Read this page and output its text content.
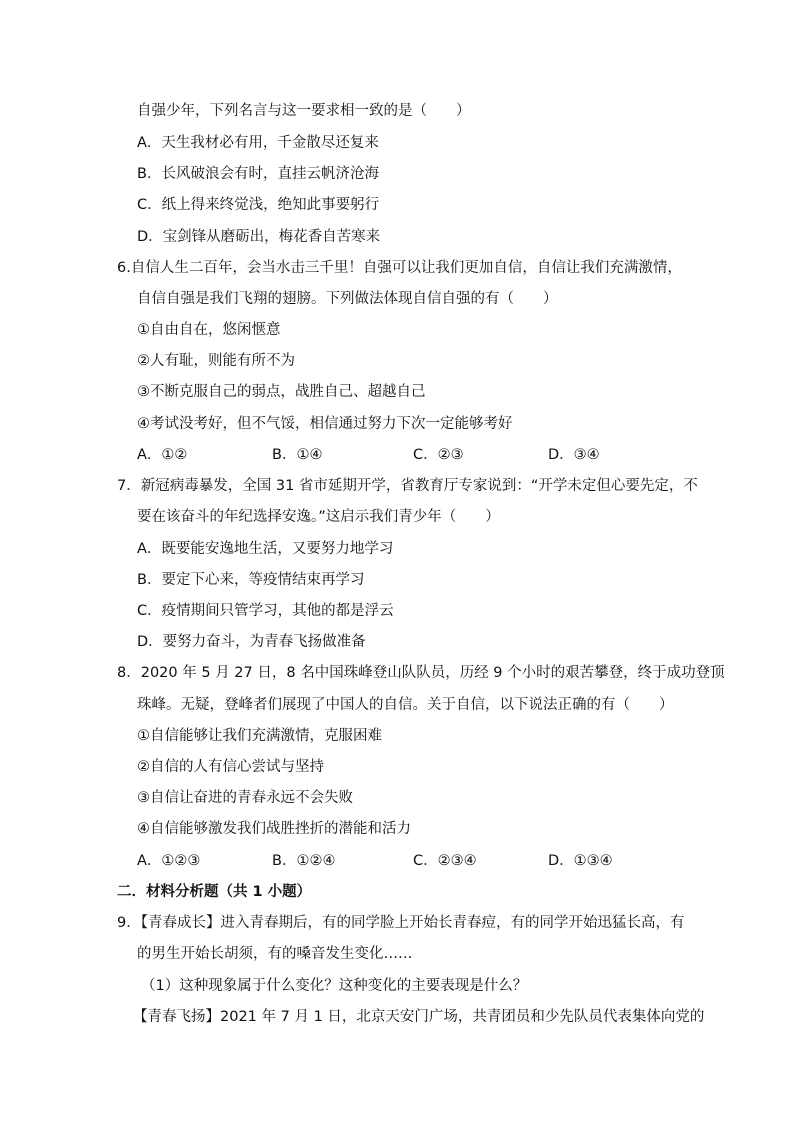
自强少年，下列名言与这一要求相一致的是（　　）
A．天生我材必有用，千金散尽还复来
B．长风破浪会有时，直挂云帆济沧海
C．纸上得来终觉浅，绝知此事要躬行
D．宝剑锋从磨砺出，梅花香自苦寒来
6.自信人生二百年，会当水击三千里！自强可以让我们更加自信，自信让我们充满激情，
自信自强是我们飞翔的翅膀。下列做法体现自信自强的有（　　）
①自由自在，悠闲惬意
②人有耻，则能有所不为
③不断克服自己的弱点，战胜自己、超越自己
④考试没考好，但不气馁，相信通过努力下次一定能够考好
A．①②	B．①④	C．②③	D．③④
7．新冠病毒暴发，全国 31 省市延期开学，省教育厅专家说到：“开学未定但心要先定，不
要在该奋斗的年纪选择安逸。”这启示我们青少年（　　）
A．既要能安逸地生活，又要努力地学习
B．要定下心来，等疫情结束再学习
C．疫情期间只管学习，其他的都是浮云
D．要努力奋斗，为青春飞扬做准备
8．2020 年 5 月 27 日，8 名中国珠峰登山队队员，历经 9 个小时的艰苦攀登，终于成功登顶
珠峰。无疑，登峰者们展现了中国人的自信。关于自信，以下说法正确的有（　　）
①自信能够让我们充满激情，克服困难
②自信的人有信心尝试与坚持
③自信让奋进的青春永远不会失败
④自信能够激发我们战胜挫折的潜能和活力
A．①②③	B．①②④	C．②③④	D．①③④
二．材料分析题（共 1 小题）
9．【青春成长】进入青春期后，有的同学脸上开始长青春痘，有的同学开始迅猛长高，有
的男生开始长胡须，有的嗓音发生变化……
（1）这种现象属于什么变化？这种变化的主要表现是什么？
【青春飞扬】2021 年 7 月 1 日，北京天安门广场，共青团员和少先队员代表集体向党的
